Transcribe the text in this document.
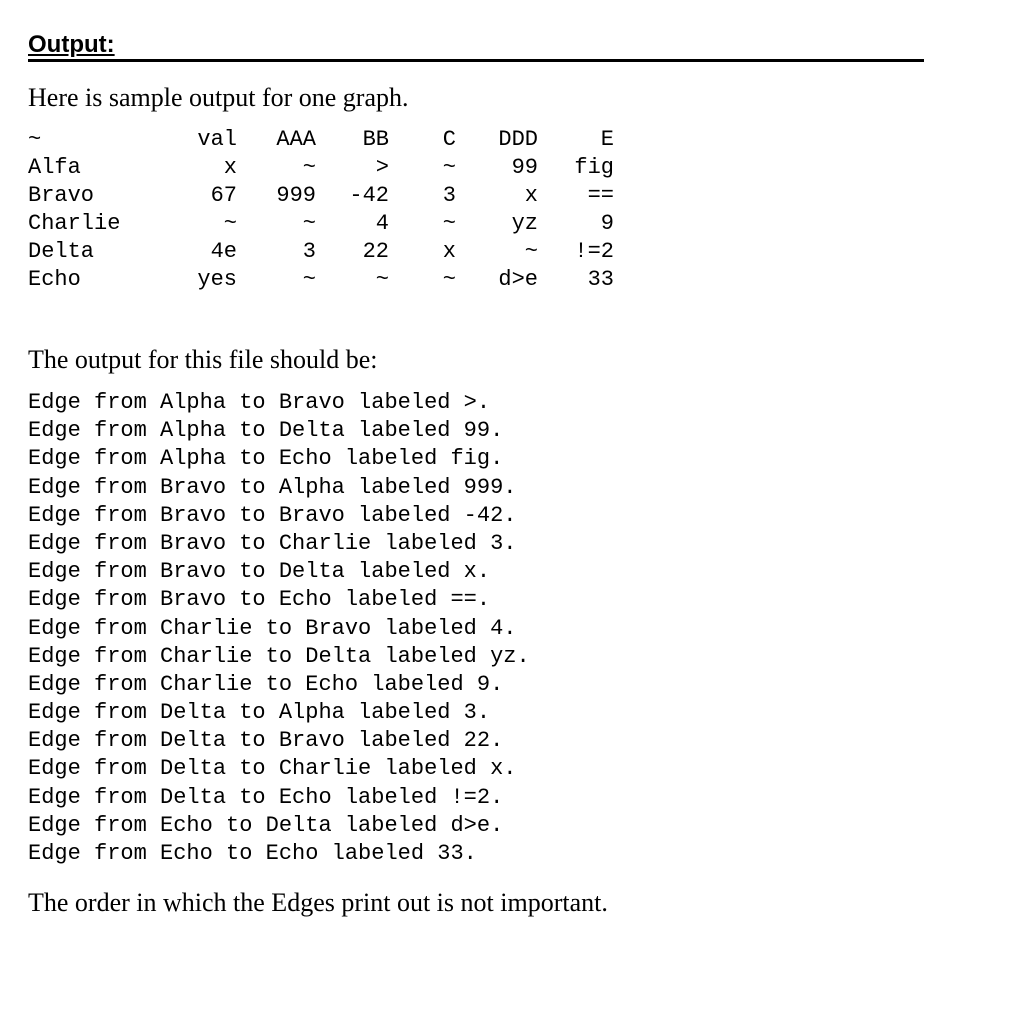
Output:
Here is sample output for one graph.
~	val	AAA	BB	C	DDD	E
Alfa	x	~	>	~	99	fig
Bravo	67	999	-42	3	x	==
Charlie	~	~	4	~	yz	9
Delta	4e	3	22	x	~	!=2
Echo	yes	~	~	~	d>e	33
The output for this file should be:
Edge from Alpha to Bravo labeled >.
Edge from Alpha to Delta labeled 99.
Edge from Alpha to Echo labeled fig.
Edge from Bravo to Alpha labeled 999.
Edge from Bravo to Bravo labeled -42.
Edge from Bravo to Charlie labeled 3.
Edge from Bravo to Delta labeled x.
Edge from Bravo to Echo labeled ==.
Edge from Charlie to Bravo labeled 4.
Edge from Charlie to Delta labeled yz.
Edge from Charlie to Echo labeled 9.
Edge from Delta to Alpha labeled 3.
Edge from Delta to Bravo labeled 22.
Edge from Delta to Charlie labeled x.
Edge from Delta to Echo labeled !=2.
Edge from Echo to Delta labeled d>e.
Edge from Echo to Echo labeled 33.
The order in which the Edges print out is not important.
